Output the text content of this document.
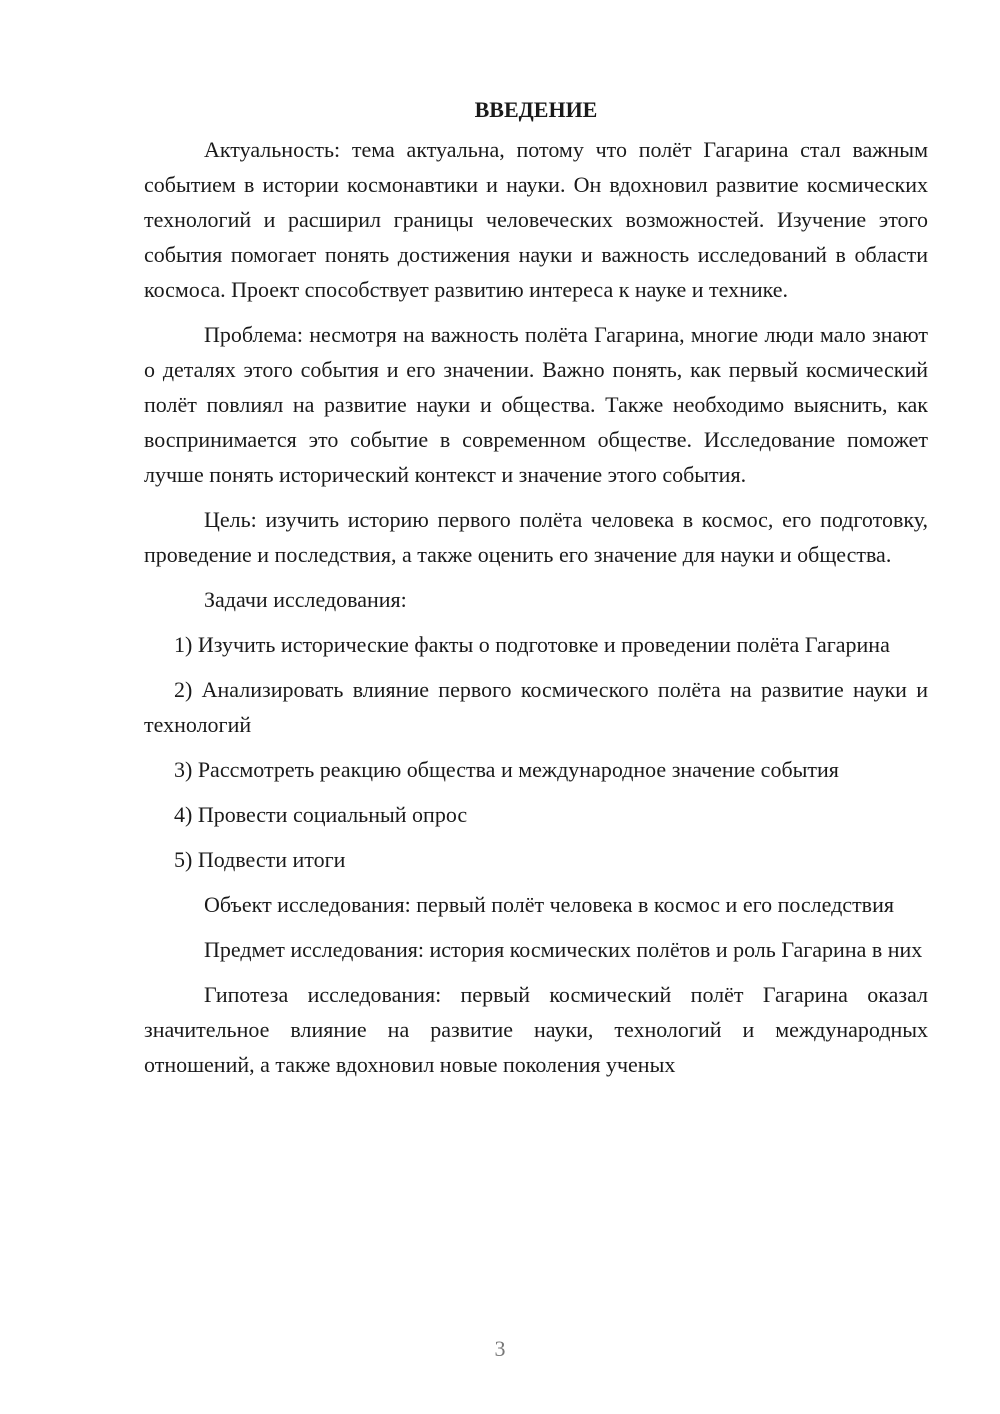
ВВЕДЕНИЕ

Актуальность: тема актуальна, потому что полёт Гагарина стал важным событием в истории космонавтики и науки. Он вдохновил развитие космических технологий и расширил границы человеческих возможностей. Изучение этого события помогает понять достижения науки и важность исследований в области космоса. Проект способствует развитию интереса к науке и технике.

Проблема: несмотря на важность полёта Гагарина, многие люди мало знают о деталях этого события и его значении. Важно понять, как первый космический полёт повлиял на развитие науки и общества. Также необходимо выяснить, как воспринимается это событие в современном обществе. Исследование поможет лучше понять исторический контекст и значение этого события.

Цель: изучить историю первого полёта человека в космос, его подготовку, проведение и последствия, а также оценить его значение для науки и общества.

Задачи исследования:

1) Изучить исторические факты о подготовке и проведении полёта Гагарина

2) Анализировать влияние первого космического полёта на развитие науки и технологий

3) Рассмотреть реакцию общества и международное значение события

4) Провести социальный опрос

5) Подвести итоги

Объект исследования: первый полёт человека в космос и его последствия

Предмет исследования: история космических полётов и роль Гагарина в них

Гипотеза исследования: первый космический полёт Гагарина оказал значительное влияние на развитие науки, технологий и международных отношений, а также вдохновил новые поколения ученых

3
